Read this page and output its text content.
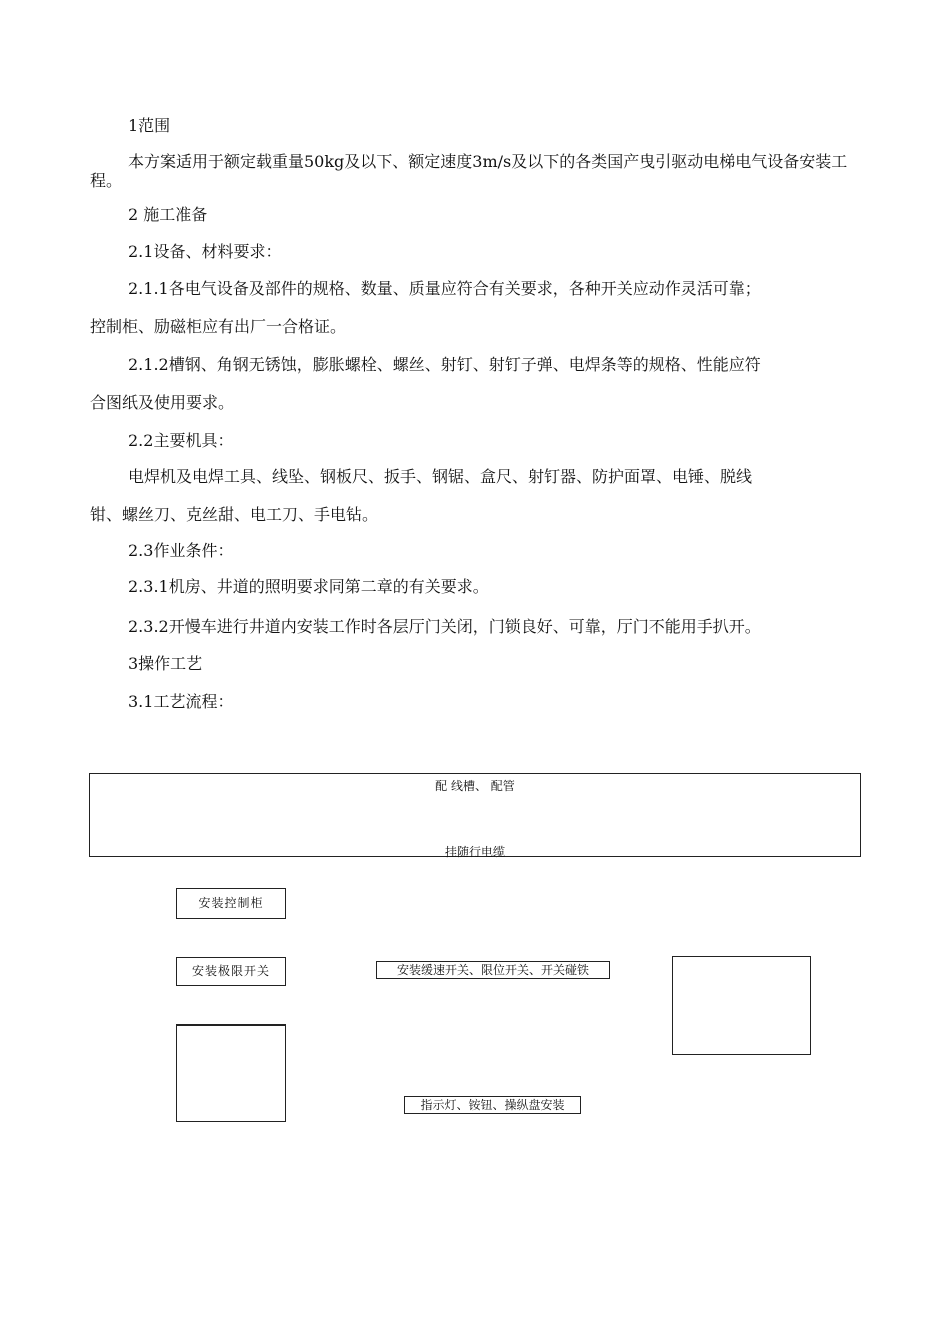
1范围
本方案适用于额定载重量50kg及以下、额定速度3m/s及以下的各类国产曳引驱动电梯电气设备安装工程。
2 施工准备
2.1设备、材料要求：
2.1.1各电气设备及部件的规格、数量、质量应符合有关要求，各种开关应动作灵活可靠；
控制柜、励磁柜应有出厂一合格证。
2.1.2槽钢、角钢无锈蚀，膨胀螺栓、螺丝、射钉、射钉子弹、电焊条等的规格、性能应符
合图纸及使用要求。
2.2主要机具：
电焊机及电焊工具、线坠、钢板尺、扳手、钢锯、盒尺、射钉器、防护面罩、电锤、脱线
钳、螺丝刀、克丝甜、电工刀、手电钻。
2.3作业条件：
2.3.1机房、井道的照明要求同第二章的有关要求。
2.3.2开慢车进行井道内安装工作时各层厅门关闭，门锁良好、可靠，厅门不能用手扒开。
3操作工艺
3.1工艺流程：
配 线槽、 配管
挂随行电缆
安装控制柜
安装极限开关	安装缓速开关、限位开关、开关碰铁
指示灯、铵钮、操纵盘安装
